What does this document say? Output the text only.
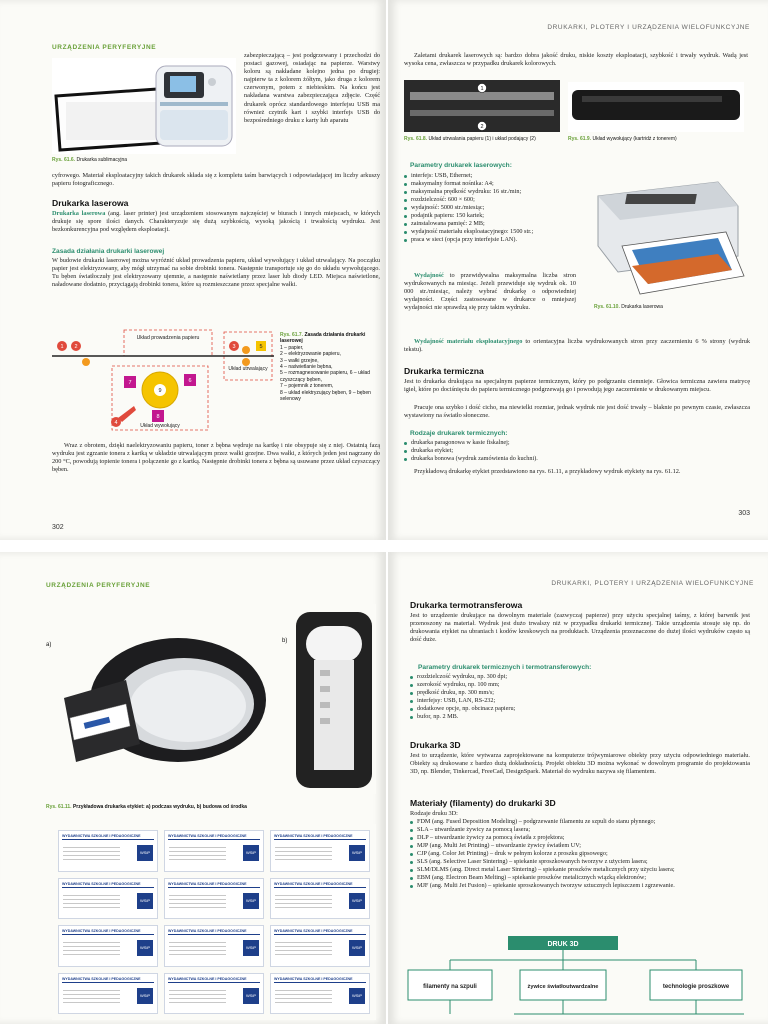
URZĄDZENIA PERYFERYJNE
Rys. 61.6. Drukarka sublimacyjna
zabezpieczającą – jest podgrzewany i przechodzi do postaci gazowej, osiadając na papierze. Warstwy koloru są nakładane kolejno jedna po drugiej: najpierw ta z kolorem żółtym, jako druga z kolorem czerwonym, potem z niebieskim. Na końcu jest nakładana warstwa zabezpieczająca zdjęcie. Część drukarek oprócz standardowego interfejsu USB ma również czytnik kart i szybki interfejs USB do bezpośredniego druku z karty lub aparatu
cyfrowego. Materiał eksploatacyjny takich drukarek składa się z kompletu taśm barwiących i odpowiadającej im liczby arkuszy papieru fotograficznego.
Drukarka laserowa
Drukarka laserowa (ang. laser printer) jest urządzeniem stosowanym najczęściej w biurach i innych miejscach, w których drukuje się spore ilości danych. Charakteryzuje się dużą szybkością, wysoką jakością i trwałością wydruku. Jest bezkonkurencyjna pod względem eksploatacji.
Zasada działania drukarki laserowej
W budowie drukarki laserowej można wyróżnić układ prowadzenia papieru, układ wywołujący i układ utrwalający. Na początku papier jest elektryzowany, aby mógł utrzymać na sobie drobinki tonera. Następnie transportuje się go do układu wywołującego. Tu bęben światłoczuły jest elektryzowany ujemnie, a następnie naświetlany przez laser lub diody LED. Miejsca naświetlone, naładowane dodatnio, przyciągają drobinki tonera, które są rozmieszczane przez specjalne wałki.
Układ prowadzenia papieru
Układ utrwalający
Układ wywołujący
1 2	3	5
9
7	6
8
4
Rys. 61.7. Zasada działania drukarki laserowej
1 – papier,
2 – elektryzowanie papieru,
3 – wałki grzejne,
4 – naświetlanie bębna,
5 – rozmagnesowanie papieru, 6 – układ czyszczący bęben,
7 – pojemnik z tonerem,
8 – układ elektryzujący bęben, 9 – bęben selenowy
Wraz z obrotem, dzięki naelektryzowaniu papieru, toner z bębna wędruje na kartkę i nie obsypuje się z niej. Ostatnią fazą wydruku jest zgrzanie tonera z kartką w układzie utrwalającym przez wałki grzejne. Dwa wałki, z których jeden jest nagrzany do 200 °C, powodują topienie tonera i połączenie go z kartką. Następnie drobinki tonera z bębna są usuwane przez układ czyszczący bęben.
302
DRUKARKI, PLOTERY I URZĄDZENIA WIELOFUNKCYJNE
Zaletami drukarek laserowych są: bardzo dobra jakość druku, niskie koszty eksploatacji, szybkość i trwały wydruk. Wadą jest wysoka cena, zwłaszcza w przypadku drukarek kolorowych.
1
2
Rys. 61.8. Układ utrwalania papieru (1) i układ podający (2)	Rys. 61.9. Układ wywołujący (kartridż z tonerem)
Parametry drukarek laserowych:
interfejs: USB, Ethernet;
maksymalny format nośnika: A4;
maksymalna prędkość wydruku: 16 str./min;
rozdzielczość: 600 × 600;
wydajność: 5000 str./miesiąc;
podajnik papieru: 150 kartek;
zainstalowana pamięć: 2 MB;
wydajność materiału eksploatacyjnego: 1500 str.;
praca w sieci (opcja przy interfejsie LAN).
Rys. 61.10. Drukarka laserowa
Wydajność to przewidywalna maksymalna liczba stron wydrukowanych na miesiąc. Jeżeli przewiduje się wydruk ok. 10 000 str./miesiąc, należy wybrać drukarkę o odpowiedniej wydajności. Części zastosowane w drukarce o mniejszej wydajności nie sprawdzą się przy takim wydruku.
Wydajność materiału eksploatacyjnego to orientacyjna liczba wydrukowanych stron przy zaczernieniu 6 % strony (wydruk tekstu).
Drukarka termiczna
Jest to drukarka drukująca na specjalnym papierze termicznym, który po podgrzaniu ciemnieje. Głowica termiczna zawiera matrycę igieł, które po dociśnięciu do papieru termicznego podgrzewają go i powodują jego zaczernienie w drukowanym miejscu.
Pracuje ona szybko i dość cicho, ma niewielki rozmiar, jednak wydruk nie jest dość trwały – blaknie po pewnym czasie, zwłaszcza wystawiony na światło słoneczne.
Rodzaje drukarek termicznych:
drukarka paragonowa w kasie fiskalnej;
drukarka etykiet;
drukarka bonowa (wydruk zamówienia do kuchni).
Przykładową drukarkę etykiet przedstawiono na rys. 61.11, a przykładowy wydruk etykiety na rys. 61.12.
303
URZĄDZENIA PERYFERYJNE
a)
b)
Rys. 61.11. Przykładowa drukarka etykiet: a) podczas wydruku, b) budowa od środka
WYDAWNICTWA SZKOLNE I PEDAGOGICZNE
WSiP
WYDAWNICTWA SZKOLNE I PEDAGOGICZNE
WSiP
WYDAWNICTWA SZKOLNE I PEDAGOGICZNE
WSiP
WYDAWNICTWA SZKOLNE I PEDAGOGICZNE
WSiP
WYDAWNICTWA SZKOLNE I PEDAGOGICZNE
WSiP
WYDAWNICTWA SZKOLNE I PEDAGOGICZNE
WSiP
WYDAWNICTWA SZKOLNE I PEDAGOGICZNE
WSiP
WYDAWNICTWA SZKOLNE I PEDAGOGICZNE
WSiP
WYDAWNICTWA SZKOLNE I PEDAGOGICZNE
WSiP
WYDAWNICTWA SZKOLNE I PEDAGOGICZNE
WSiP
WYDAWNICTWA SZKOLNE I PEDAGOGICZNE
WSiP
WYDAWNICTWA SZKOLNE I PEDAGOGICZNE
WSiP
DRUKARKI, PLOTERY I URZĄDZENIA WIELOFUNKCYJNE
Drukarka termotransferowa
Jest to urządzenie drukujące na dowolnym materiale (zazwyczaj papierze) przy użyciu specjalnej taśmy, z której barwnik jest przenoszony na materiał. Wydruk jest dużo trwalszy niż w przypadku drukarki termicznej. Takie urządzenia stosuje się np. do drukowania etykiet na ubraniach i kodów kreskowych na produktach. Urządzenia przeznaczone do dużej ilości wydruków często są dość duże.
Parametry drukarek termicznych i termotransferowych:
rozdzielczość wydruku, np. 300 dpi;
szerokość wydruku, np. 100 mm;
prędkość druku, np. 300 mm/s;
interfejsy: USB, LAN, RS-232;
dodatkowe opcje, np. obcinacz papieru;
bufor, np. 2 MB.
Drukarka 3D
Jest to urządzenie, które wytwarza zaprojektowane na komputerze trójwymiarowe obiekty przy użyciu odpowiedniego materiału. Obiekty są drukowane z bardzo dużą dokładnością. Projekt obiektu 3D można wykonać w dowolnym programie do projektowania 3D, np. Blender, Tinkercad, FreeCad, DesignSpark. Materiał do wydruku nazywa się filamentem.
Materiały (filamenty) do drukarki 3D
Rodzaje druku 3D:
FDM (ang. Fused Deposition Modeling) – podgrzewanie filamentu ze szpuli do stanu płynnego;
SLA – utwardzanie żywicy za pomocą lasera;
DLP – utwardzanie żywicy za pomocą światła z projektora;
MJP (ang. Multi Jet Printing) – utwardzanie żywicy światłem UV;
CJP (ang. Color Jet Printing) – druk w pełnym kolorze z proszku gipsowego;
SLS (ang. Selective Laser Sintering) – spiekanie sproszkowanych tworzyw z użyciem lasera;
SLM/DLMS (ang. Direct metal Laser Sintering) – spiekanie proszków metalicznych przy użyciu lasera;
EBM (ang. Electron Beam Melting) – spiekanie proszków metalicznych wiązką elektronów;
MJF (ang. Multi Jet Fusion) – spiekanie sproszkowanych tworzyw sztucznych lepiszczem i zgrzewanie.
DRUK 3D
filamenty na szpuli	żywice światłoutwardzalne	technologie proszkowe
